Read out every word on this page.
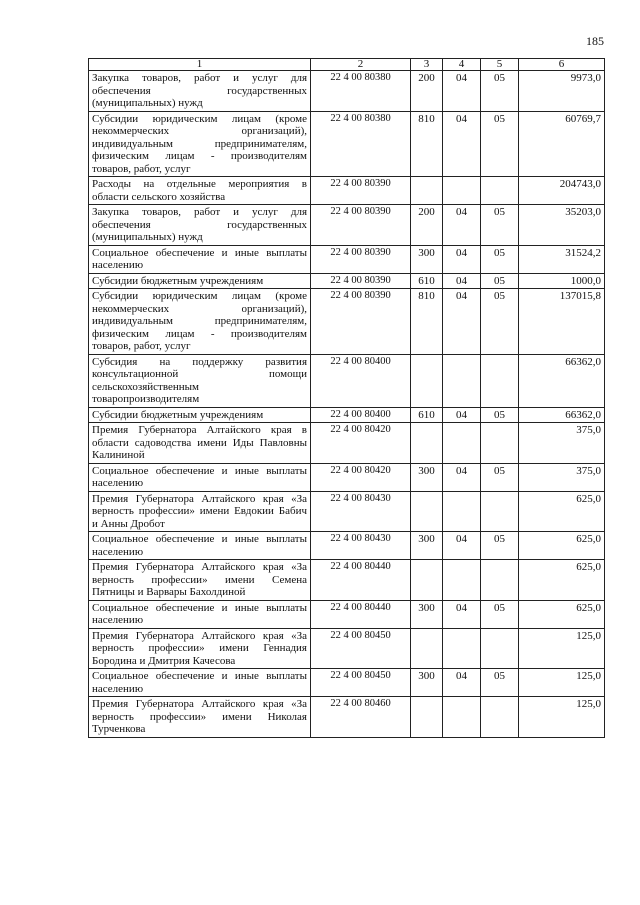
185
1	2	3	4	5	6
Закупка товаров, работ и услуг для обеспечения государственных (муниципальных) нужд	22 4 00 80380	200	04	05	9973,0
Субсидии юридическим лицам (кроме некоммерческих организаций), индивидуальным предпринимателям, физическим лицам - производителям товаров, работ, услуг	22 4 00 80380	810	04	05	60769,7
Расходы на отдельные мероприятия в области сельского хозяйства	22 4 00 80390				204743,0
Закупка товаров, работ и услуг для обеспечения государственных (муниципальных) нужд	22 4 00 80390	200	04	05	35203,0
Социальное обеспечение и иные выплаты населению	22 4 00 80390	300	04	05	31524,2
Субсидии бюджетным учреждениям	22 4 00 80390	610	04	05	1000,0
Субсидии юридическим лицам (кроме некоммерческих организаций), индивидуальным предпринимателям, физическим лицам - производителям товаров, работ, услуг	22 4 00 80390	810	04	05	137015,8
Субсидия на поддержку развития консультационной помощи сельскохозяйственным товаропроизводителям	22 4 00 80400				66362,0
Субсидии бюджетным учреждениям	22 4 00 80400	610	04	05	66362,0
Премия Губернатора Алтайского края в области садоводства имени Иды Павловны Калининой	22 4 00 80420				375,0
Социальное обеспечение и иные выплаты населению	22 4 00 80420	300	04	05	375,0
Премия Губернатора Алтайского края «За верность профессии» имени Евдокии Бабич и Анны Дробот	22 4 00 80430				625,0
Социальное обеспечение и иные выплаты населению	22 4 00 80430	300	04	05	625,0
Премия Губернатора Алтайского края «За верность профессии» имени Семена Пятницы и Варвары Бахолдиной	22 4 00 80440				625,0
Социальное обеспечение и иные выплаты населению	22 4 00 80440	300	04	05	625,0
Премия Губернатора Алтайского края «За верность профессии» имени Геннадия Бородина и Дмитрия Качесова	22 4 00 80450				125,0
Социальное обеспечение и иные выплаты населению	22 4 00 80450	300	04	05	125,0
Премия Губернатора Алтайского края «За верность профессии» имени Николая Турченкова	22 4 00 80460				125,0
